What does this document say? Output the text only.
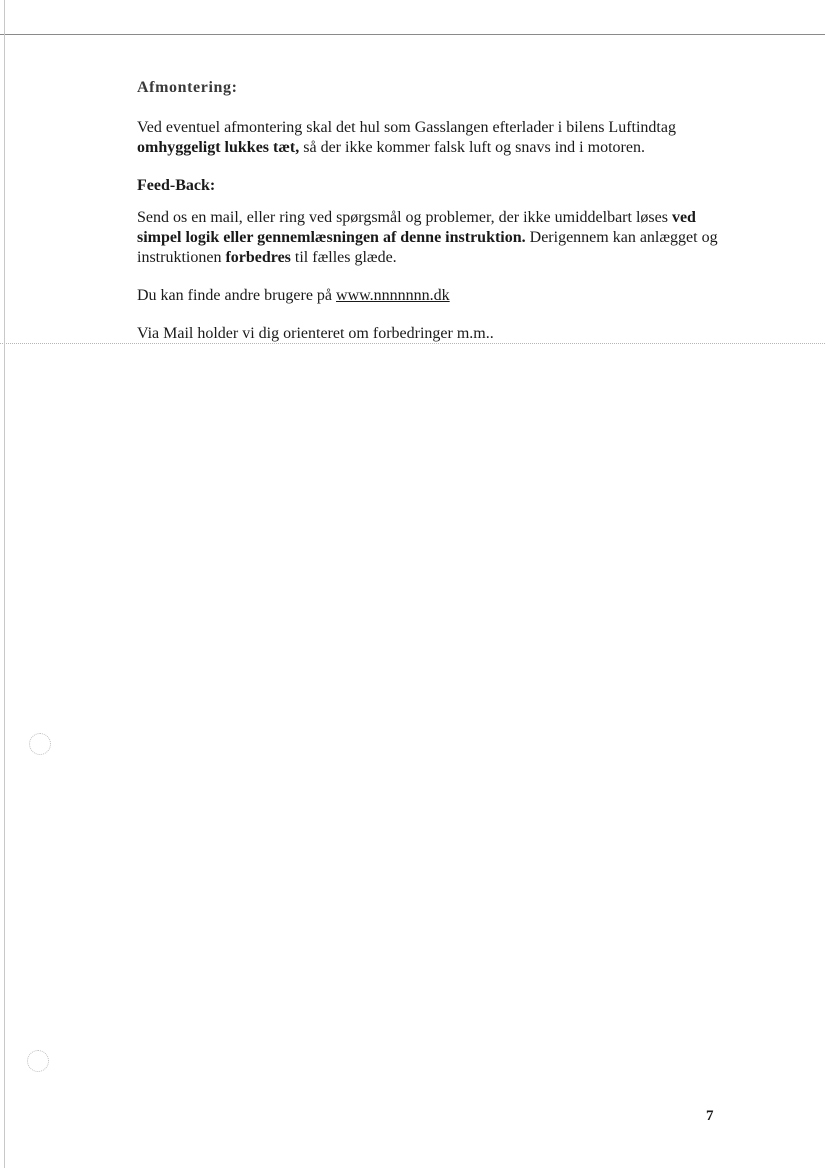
Afmontering:

Ved eventuel afmontering skal det hul som Gasslangen efterlader i bilens Luftindtag omhyggeligt lukkes tæt, så der ikke kommer falsk luft og snavs ind i motoren.

Feed-Back:

Send os en mail, eller ring ved spørgsmål og problemer, der ikke umiddelbart løses ved simpel logik eller gennemlæsningen af denne instruktion. Derigennem kan anlægget og instruktionen forbedres til fælles glæde.

Du kan finde andre brugere på www.nnnnnnn.dk

Via Mail holder vi dig orienteret om forbedringer m.m..

7
